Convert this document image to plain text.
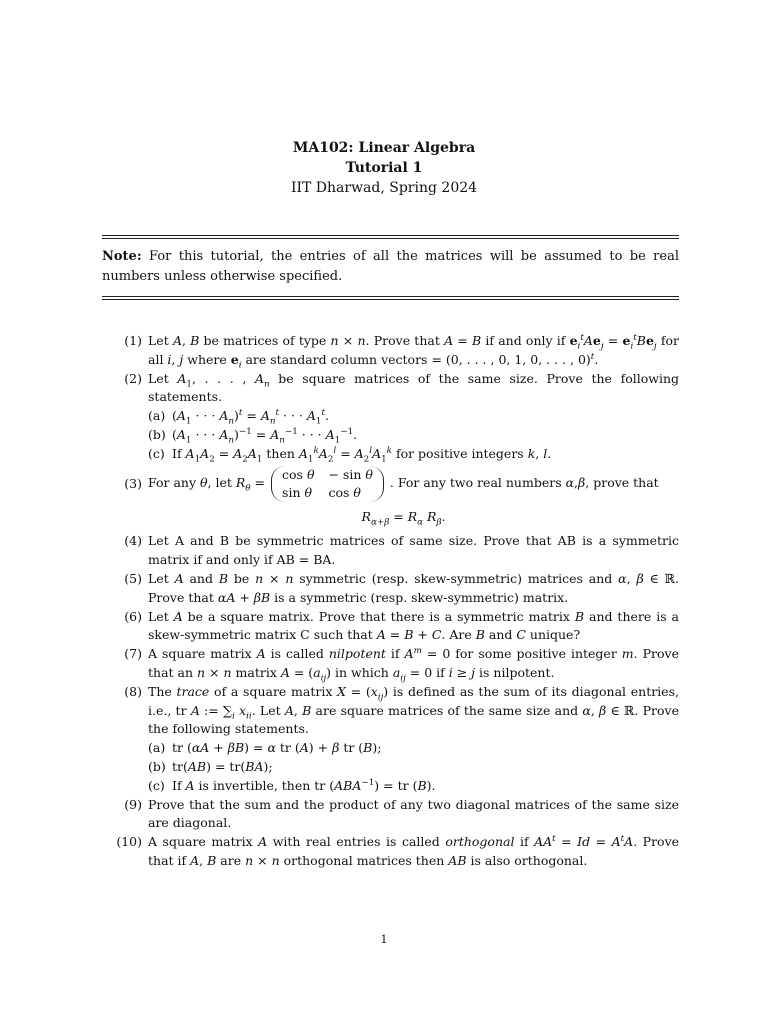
MA102: Linear Algebra
Tutorial 1
IIT Dharwad, Spring 2024
Note: For this tutorial, the entries of all the matrices will be assumed to be real numbers unless otherwise specified.
(1) Let A, B be matrices of type n × n. Prove that A = B if and only if $e_i^tAe_j = e_i^tBe_j$ for all i, j where $e_i$ are standard column vectors = (0, . . . , 0, 1, 0, . . . , 0)$^t$.
(2) Let $A_1$, . . . , $A_n$ be square matrices of the same size. Prove the following statements.
(a) ($A_1$ · · · $A_n)^t = A_n^t$ · · · $A_1^t$.
(b) ($A_1$ · · · $A_n)^{-1} = A_n^{-1}$ · · · $A_1^{-1}$.
(c) If $A_1A_2 = A_2A_1$ then $A_1^kA_2^l = A_2^lA_1^k$ for positive integers k, l.
(3) For any θ , let $R_\theta$ =
cos θ − sin θ
sin θ cos θ
. For any two real numbers α , β , prove that
$R_{\alpha+\beta} = R_\alpha$ $R_\beta$.
(4) Let A and B be symmetric matrices of same size. Prove that AB is a symmetric matrix if and only if AB = BA.
(5) Let A and B be n × n symmetric (resp. skew-symmetric) matrices and α, β ∈ ℝ. Prove that αA + βB is a symmetric (resp. skew-symmetric) matrix.
(6) Let A be a square matrix. Prove that there is a symmetric matrix B and there is a skew-symmetric matrix C such that A = B + C. Are B and C unique?
(7) A square matrix A is called nilpotent if $A^m = 0$ for some positive integer m. Prove that an n × n matrix $A = (a_{ij})$ in which $a_{ij} = 0$ if i ≥ j is nilpotent.
(8) The trace of a square matrix $X = (x_{ij})$ is defined as the sum of its diagonal entries, i.e., tr A := $\sum_i$ $x_{ii}$. Let A, B are square matrices of the same size and α, β ∈ ℝ. Prove the following statements.
(a) tr (αA + βB) = α tr (A) + β tr (B);
(b) tr(AB) = tr(BA);
(c) If A is invertible, then tr $(ABA^{-1})$ = tr (B).
(9) Prove that the sum and the product of any two diagonal matrices of the same size are diagonal.
(10) A square matrix A with real entries is called orthogonal if $AA^t = Id = A^tA$. Prove that if A, B are n × n orthogonal matrices then AB is also orthogonal.
1
